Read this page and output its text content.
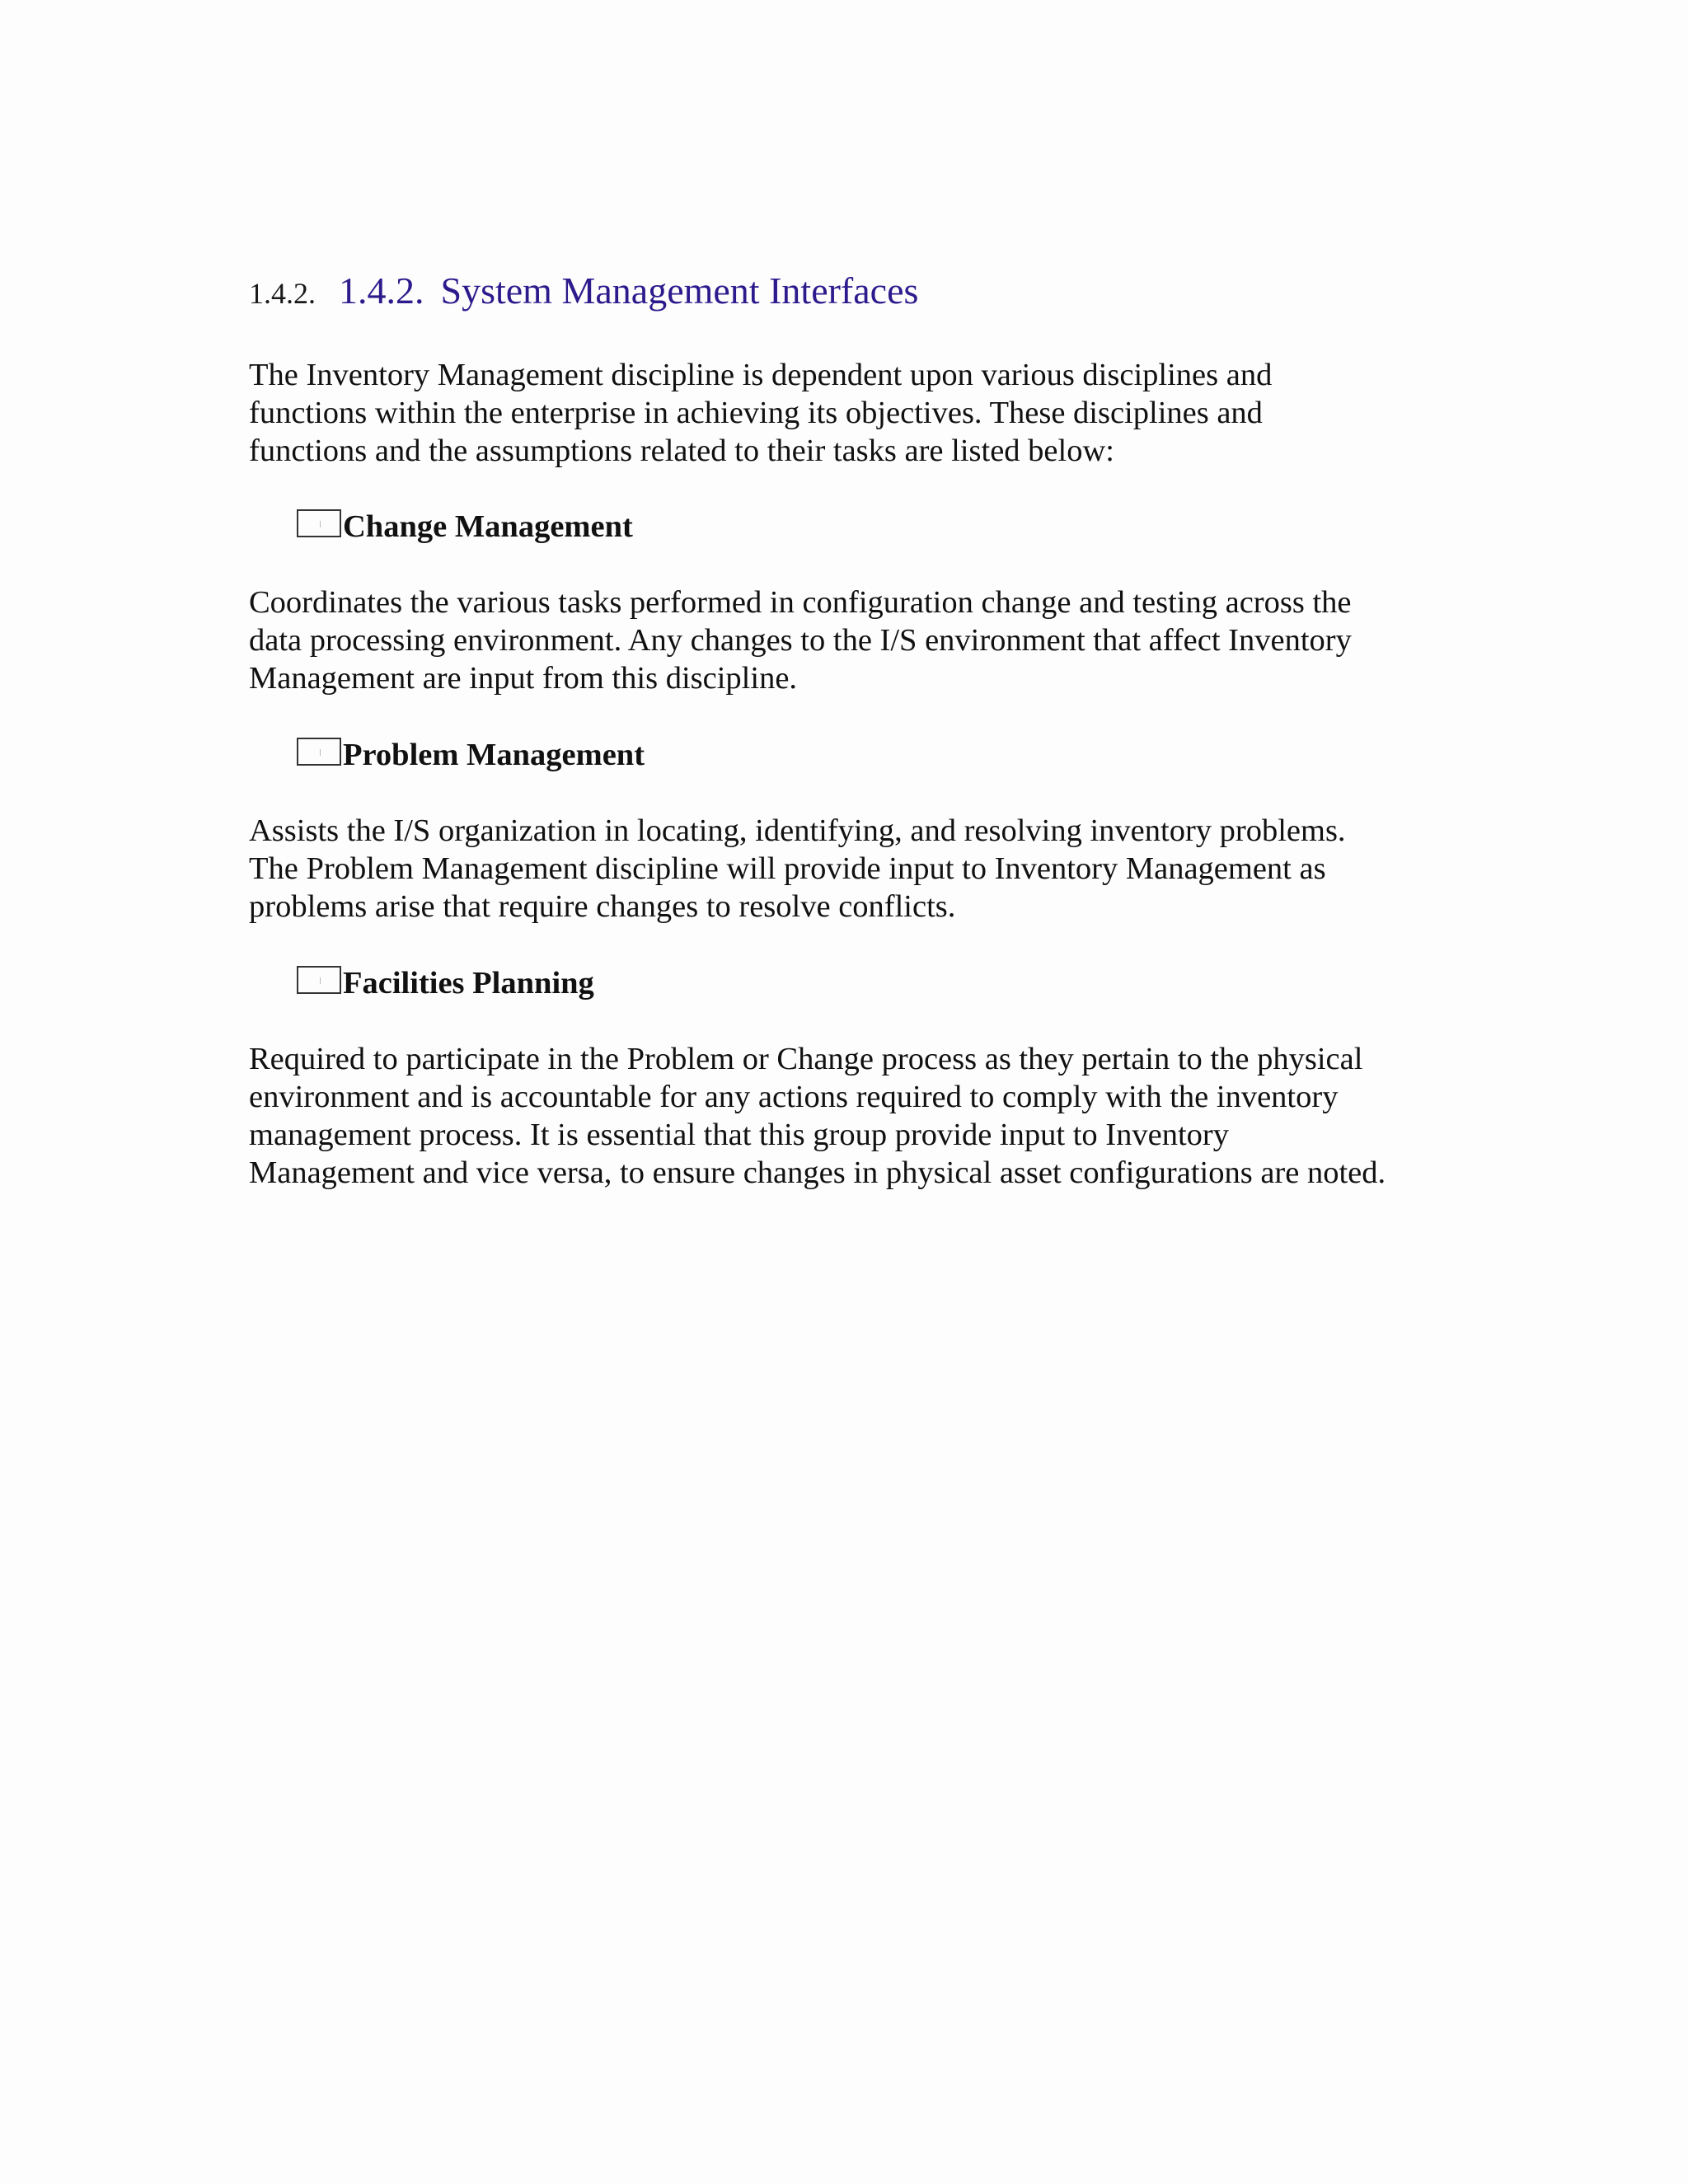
1.4.2. 1.4.2. System Management Interfaces

The Inventory Management discipline is dependent upon various disciplines and
functions within the enterprise in achieving its objectives. These disciplines and
functions and the assumptions related to their tasks are listed below:

Change Management

Coordinates the various tasks performed in configuration change and testing across the
data processing environment. Any changes to the I/S environment that affect Inventory
Management are input from this discipline.

Problem Management

Assists the I/S organization in locating, identifying, and resolving inventory problems.
The Problem Management discipline will provide input to Inventory Management as
problems arise that require changes to resolve conflicts.

Facilities Planning

Required to participate in the Problem or Change process as they pertain to the physical
environment and is accountable for any actions required to comply with the inventory
management process. It is essential that this group provide input to Inventory
Management and vice versa, to ensure changes in physical asset configurations are noted.
